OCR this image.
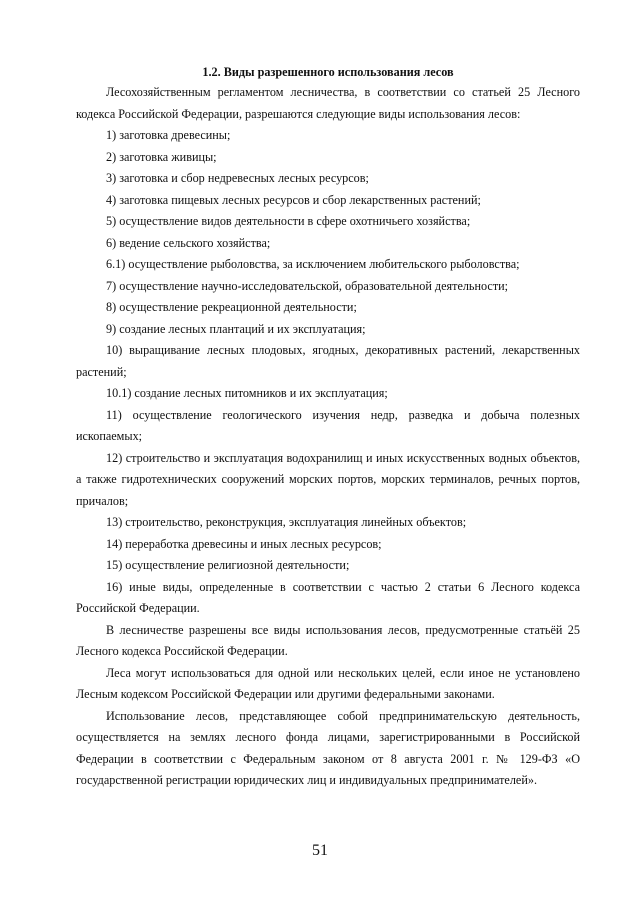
1.2. Виды разрешенного использования лесов

Лесохозяйственным регламентом лесничества, в соответствии со статьей 25 Лесного кодекса Российской Федерации, разрешаются следующие виды использования лесов:

1) заготовка древесины;

2) заготовка живицы;

3) заготовка и сбор недревесных лесных ресурсов;

4) заготовка пищевых лесных ресурсов и сбор лекарственных растений;

5) осуществление видов деятельности в сфере охотничьего хозяйства;

6) ведение сельского хозяйства;

6.1) осуществление рыболовства, за исключением любительского рыболовства;

7) осуществление научно-исследовательской, образовательной деятельности;

8) осуществление рекреационной деятельности;

9) создание лесных плантаций и их эксплуатация;

10) выращивание лесных плодовых, ягодных, декоративных растений, лекарственных растений;

10.1) создание лесных питомников и их эксплуатация;

11) осуществление геологического изучения недр, разведка и добыча полезных ископаемых;

12) строительство и эксплуатация водохранилищ и иных искусственных водных объектов, а также гидротехнических сооружений морских портов, морских терминалов, речных портов, причалов;

13) строительство, реконструкция, эксплуатация линейных объектов;

14) переработка древесины и иных лесных ресурсов;

15) осуществление религиозной деятельности;

16) иные виды, определенные в соответствии с частью 2 статьи 6 Лесного кодекса Российской Федерации.

В лесничестве разрешены все виды использования лесов, предусмотренные статьёй 25 Лесного кодекса Российской Федерации.

Леса могут использоваться для одной или нескольких целей, если иное не установлено Лесным кодексом Российской Федерации или другими федеральными законами.

Использование лесов, представляющее собой предпринимательскую деятельность, осуществляется на землях лесного фонда лицами, зарегистрированными в Российской Федерации в соответствии с Федеральным законом от 8 августа 2001 г. № 129-ФЗ «О государственной регистрации юридических лиц и индивидуальных предпринимателей».

51
